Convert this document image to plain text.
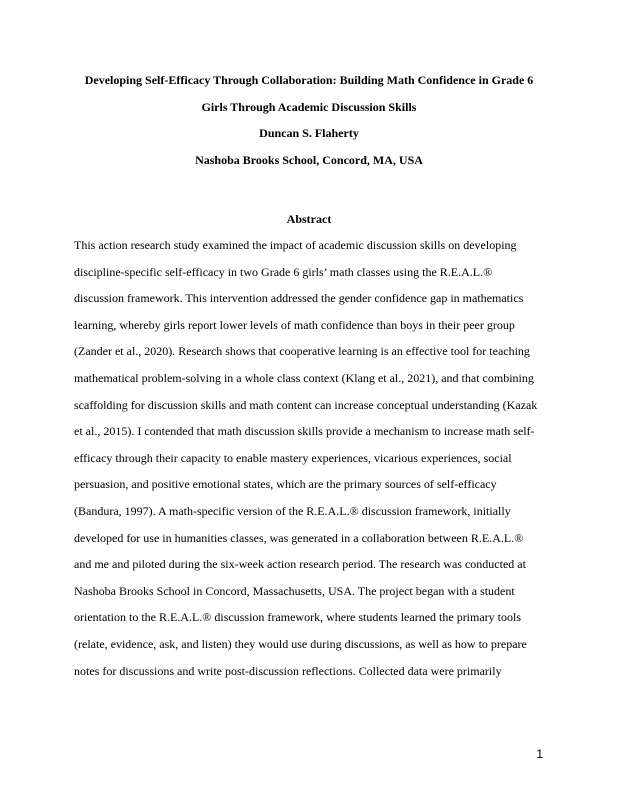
Developing Self-Efficacy Through Collaboration: Building Math Confidence in Grade 6
Girls Through Academic Discussion Skills
Duncan S. Flaherty
Nashoba Brooks School, Concord, MA, USA
Abstract
This action research study examined the impact of academic discussion skills on developing
discipline-specific self-efficacy in two Grade 6 girls’ math classes using the R.E.A.L.®
discussion framework. This intervention addressed the gender confidence gap in mathematics
learning, whereby girls report lower levels of math confidence than boys in their peer group
(Zander et al., 2020). Research shows that cooperative learning is an effective tool for teaching
mathematical problem-solving in a whole class context (Klang et al., 2021), and that combining
scaffolding for discussion skills and math content can increase conceptual understanding (Kazak
et al., 2015). I contended that math discussion skills provide a mechanism to increase math self-
efficacy through their capacity to enable mastery experiences, vicarious experiences, social
persuasion, and positive emotional states, which are the primary sources of self-efficacy
(Bandura, 1997). A math-specific version of the R.E.A.L.® discussion framework, initially
developed for use in humanities classes, was generated in a collaboration between R.E.A.L.®
and me and piloted during the six-week action research period. The research was conducted at
Nashoba Brooks School in Concord, Massachusetts, USA. The project began with a student
orientation to the R.E.A.L.® discussion framework, where students learned the primary tools
(relate, evidence, ask, and listen) they would use during discussions, as well as how to prepare
notes for discussions and write post-discussion reflections. Collected data were primarily
1
